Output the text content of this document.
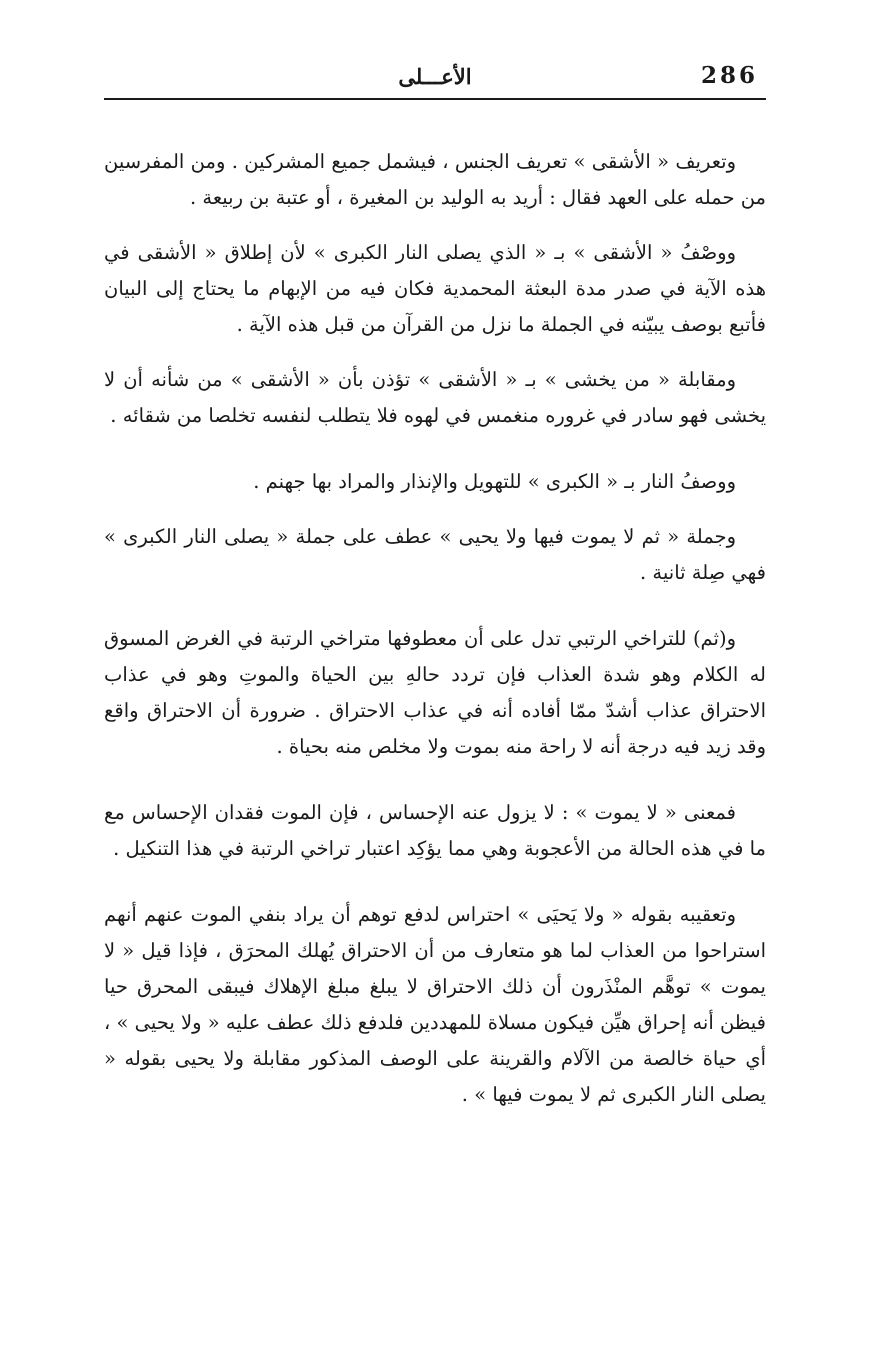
286
الأعـــلى

وتعريف « الأشقى » تعريف الجنس ، فيشمل جميع المشركين . ومن المفرسين من حمله على العهد فقال : أريد به الوليد بن المغيرة ، أو عتبة بن ربيعة .

ووصْفُ « الأشقى » بـ « الذي يصلى النار الكبرى » لأن إطلاق « الأشقى في هذه الآية في صدر مدة البعثة المحمدية فكان فيه من الإبهام ما يحتاج إلى البيان فأتبع بوصف يبيّنه في الجملة ما نزل من القرآن من قبل هذه الآية .

ومقابلة « من يخشى » بـ « الأشقى » تؤذن بأن « الأشقى » من شأنه أن لا يخشى فهو سادر في غروره منغمس في لهوه فلا يتطلب لنفسه تخلصا من شقائه .

ووصفُ النار بـ « الكبرى » للتهويل والإنذار والمراد بها جهنم .

وجملة « ثم لا يموت فيها ولا يحيى » عطف على جملة « يصلى النار الكبرى » فهي صِلة ثانية .

و(ثم) للتراخي الرتبي تدل على أن معطوفها متراخي الرتبة في الغرض المسوق له الكلام وهو شدة العذاب فإن تردد حالهِ بين الحياة والموتِ وهو في عذاب الاحتراق عذاب أشدّ ممّا أفاده أنه في عذاب الاحتراق . ضرورة أن الاحتراق واقع وقد زيد فيه درجة أنه لا راحة منه بموت ولا مخلص منه بحياة .

فمعنى « لا يموت » : لا يزول عنه الإحساس ، فإن الموت فقدان الإحساس مع ما في هذه الحالة من الأعجوبة وهي مما يؤكِد اعتبار تراخي الرتبة في هذا التنكيل .

وتعقيبه بقوله « ولا يَحيَى » احتراس لدفع توهم أن يراد بنفي الموت عنهم أنهم استراحوا من العذاب لما هو متعارف من أن الاحتراق يُهلك المحرَق ، فإذا قيل « لا يموت » توهَّم المنْذَرون أن ذلك الاحتراق لا يبلغ مبلغ الإهلاك فيبقى المحرق حيا فيظن أنه إحراق هيِّن فيكون مسلاة للمهددين فلدفع ذلك عطف عليه « ولا يحيى » ، أي حياة خالصة من الآلام والقرينة على الوصف المذكور مقابلة ولا يحيى بقوله « يصلى النار الكبرى ثم لا يموت فيها » .
